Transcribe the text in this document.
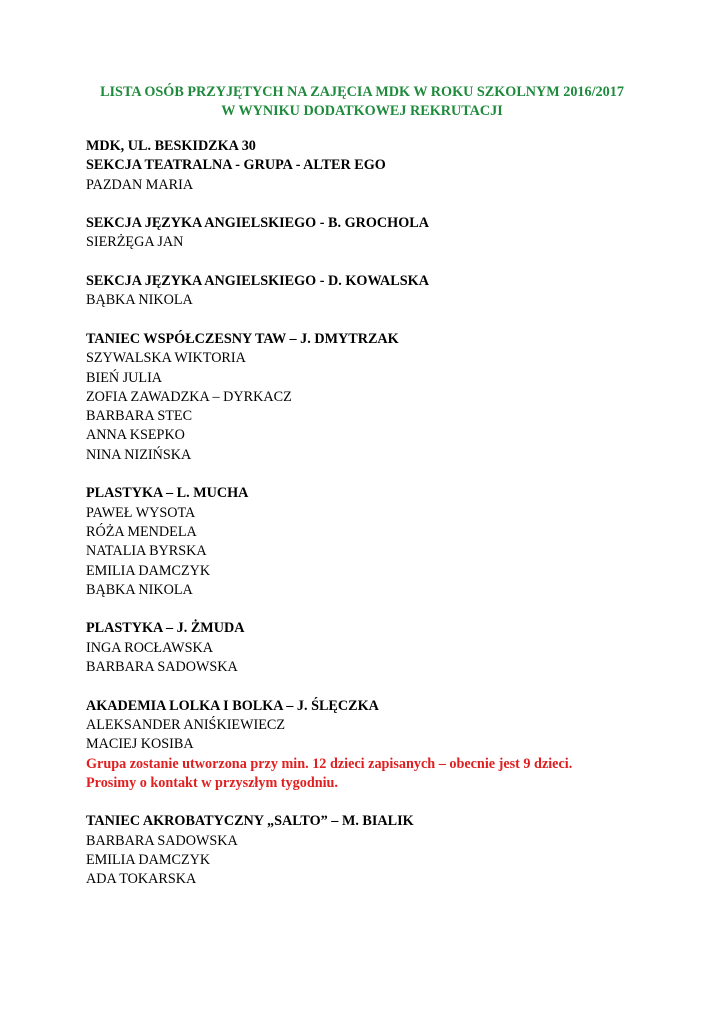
LISTA OSÓB PRZYJĘTYCH NA ZAJĘCIA MDK W ROKU SZKOLNYM 2016/2017

W WYNIKU DODATKOWEJ REKRUTACJI

MDK, UL. BESKIDZKA 30
SEKCJA TEATRALNA - GRUPA - ALTER EGO
PAZDAN MARIA
SEKCJA JĘZYKA ANGIELSKIEGO - B. GROCHOLA
SIERŻĘGA JAN
SEKCJA JĘZYKA ANGIELSKIEGO - D. KOWALSKA
BĄBKA NIKOLA
TANIEC WSPÓŁCZESNY TAW – J. DMYTRZAK
SZYWALSKA WIKTORIA
BIEŃ JULIA
ZOFIA ZAWADZKA – DYRKACZ
BARBARA STEC
ANNA KSEPKO
NINA NIZIŃSKA
PLASTYKA – L. MUCHA
PAWEŁ WYSOTA
RÓŻA MENDELA
NATALIA BYRSKA
EMILIA DAMCZYK
BĄBKA NIKOLA
PLASTYKA – J. ŻMUDA
INGA ROCŁAWSKA
BARBARA SADOWSKA
AKADEMIA LOLKA I BOLKA – J. ŚLĘCZKA
ALEKSANDER ANIŚKIEWIECZ
MACIEJ KOSIBA
Grupa zostanie utworzona przy min. 12 dzieci zapisanych – obecnie jest 9 dzieci.
Prosimy o kontakt w przyszłym tygodniu.
TANIEC AKROBATYCZNY „SALTO” – M. BIALIK
BARBARA SADOWSKA
EMILIA DAMCZYK
ADA TOKARSKA
